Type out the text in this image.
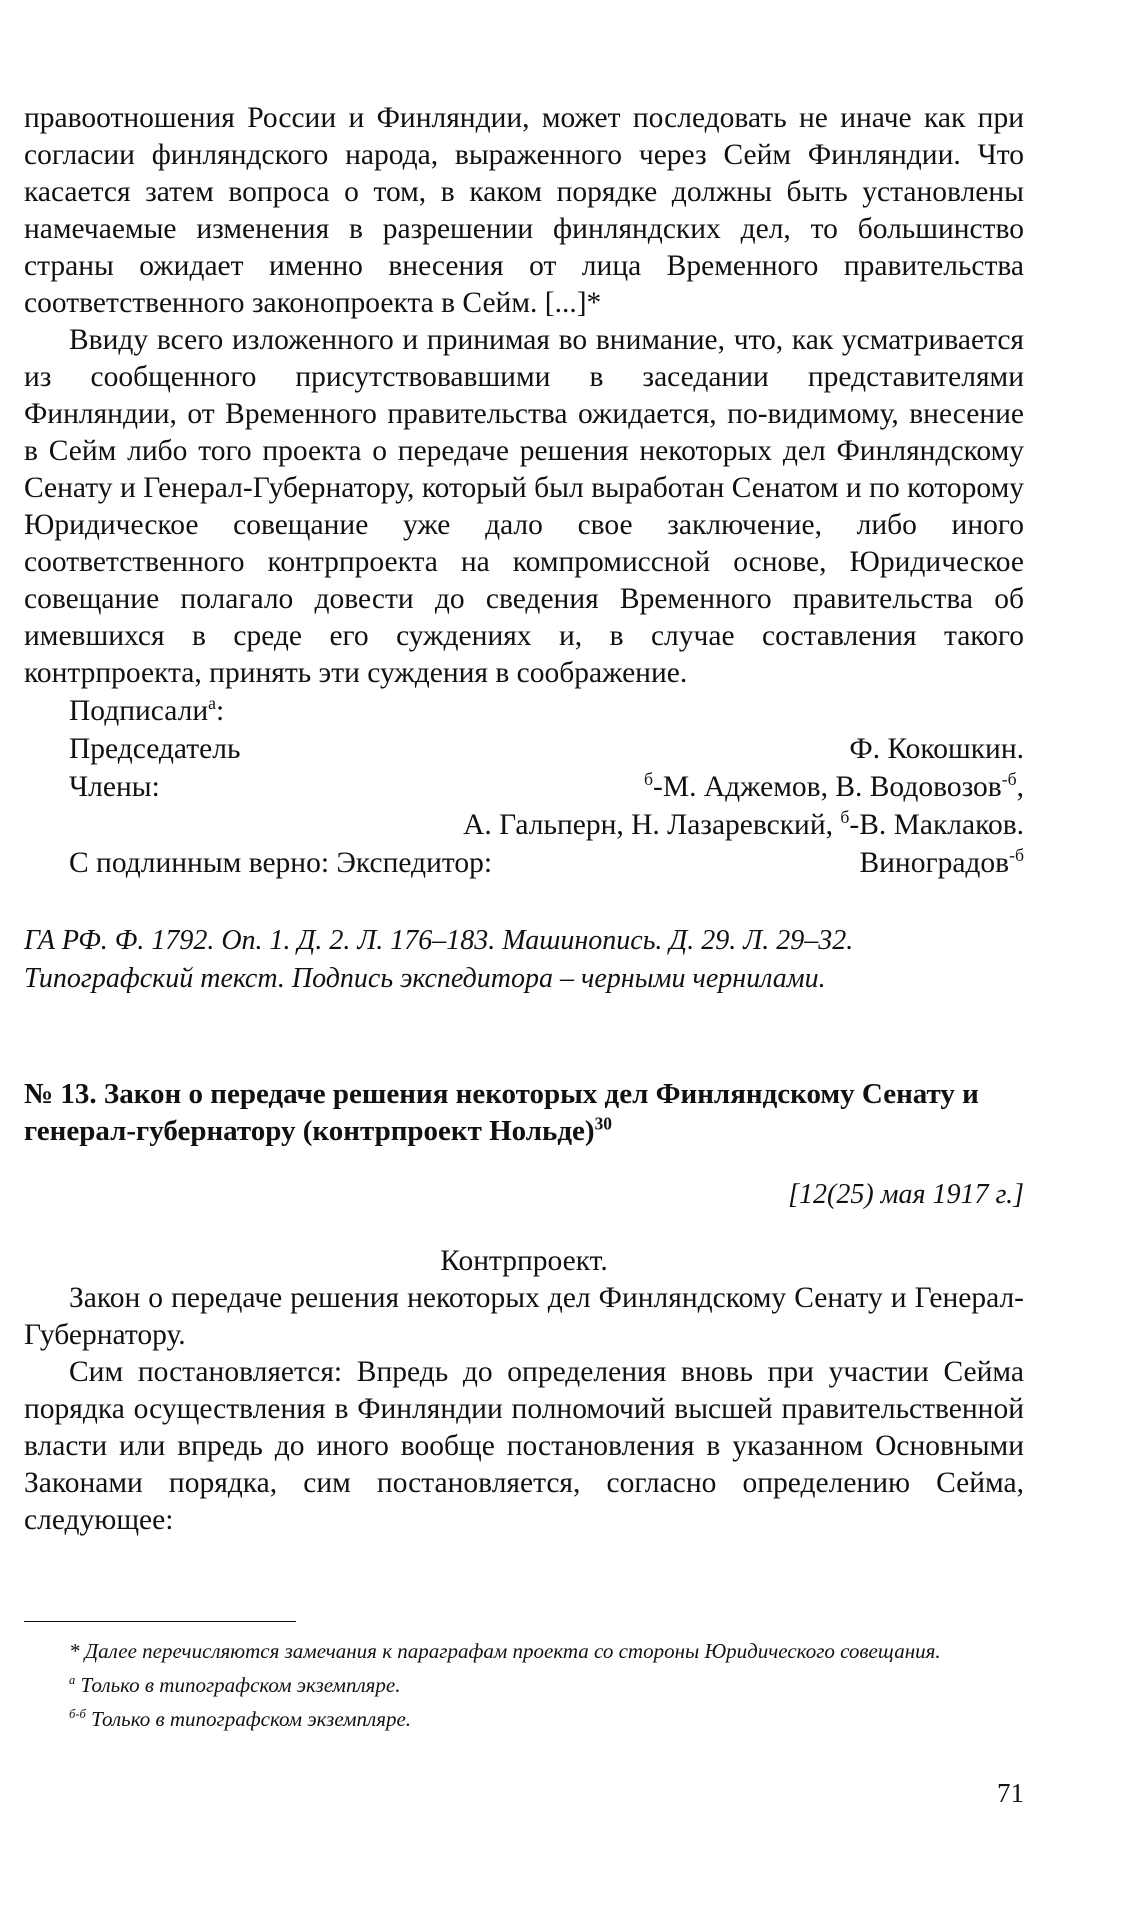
правоотношения России и Финляндии, может последовать не иначе как при согласии финляндского народа, выраженного через Сейм Финляндии. Что касается затем вопроса о том, в каком порядке должны быть установлены намечаемые изменения в разрешении финляндских дел, то большинство страны ожидает именно внесения от лица Временного правительства соответственного законопроекта в Сейм. [...]*

Ввиду всего изложенного и принимая во внимание, что, как усматривается из сообщенного присутствовавшими в заседании представителями Финляндии, от Временного правительства ожидается, по-видимому, внесение в Сейм либо того проекта о передаче решения некоторых дел Финляндскому Сенату и Генерал-Губернатору, который был выработан Сенатом и по которому Юридическое совещание уже дало свое заключение, либо иного соответственного контрпроекта на компромиссной основе, Юридическое совещание полагало довести до сведения Временного правительства об имевшихся в среде его суждениях и, в случае составления такого контрпроекта, принять эти суждения в соображение.

Подписали$^а$:
Председатель	Ф. Кокошкин.
Члены:	$^б$-М. Аджемов, В. Водовозов$^{-б}$,
А. Гальперн, Н. Лазаревский, $^б$-В. Маклаков.
С подлинным верно: Экспедитор:	Виноградов$^{-б}$
ГА РФ. Ф. 1792. Оп. 1. Д. 2. Л. 176–183. Машинопись. Д. 29. Л. 29–32.
Типографский текст. Подпись экспедитора – черными чернилами.
№ 13. Закон о передаче решения некоторых дел Финляндскому Сенату и генерал-губернатору (контрпроект Нольде)$^{30}$
[12(25) мая 1917 г.]
Контрпроект.

Закон о передаче решения некоторых дел Финляндскому Сенату и Генерал-Губернатору.

Сим постановляется: Впредь до определения вновь при участии Сейма порядка осуществления в Финляндии полномочий высшей правительственной власти или впредь до иного вообще постановления в указанном Основными Законами порядка, сим постановляется, согласно определению Сейма, следующее:

* Далее перечисляются замечания к параграфам проекта со стороны Юридического совещания.
$^а$ Только в типографском экземпляре.
$^{б-б}$ Только в типографском экземпляре.
71
